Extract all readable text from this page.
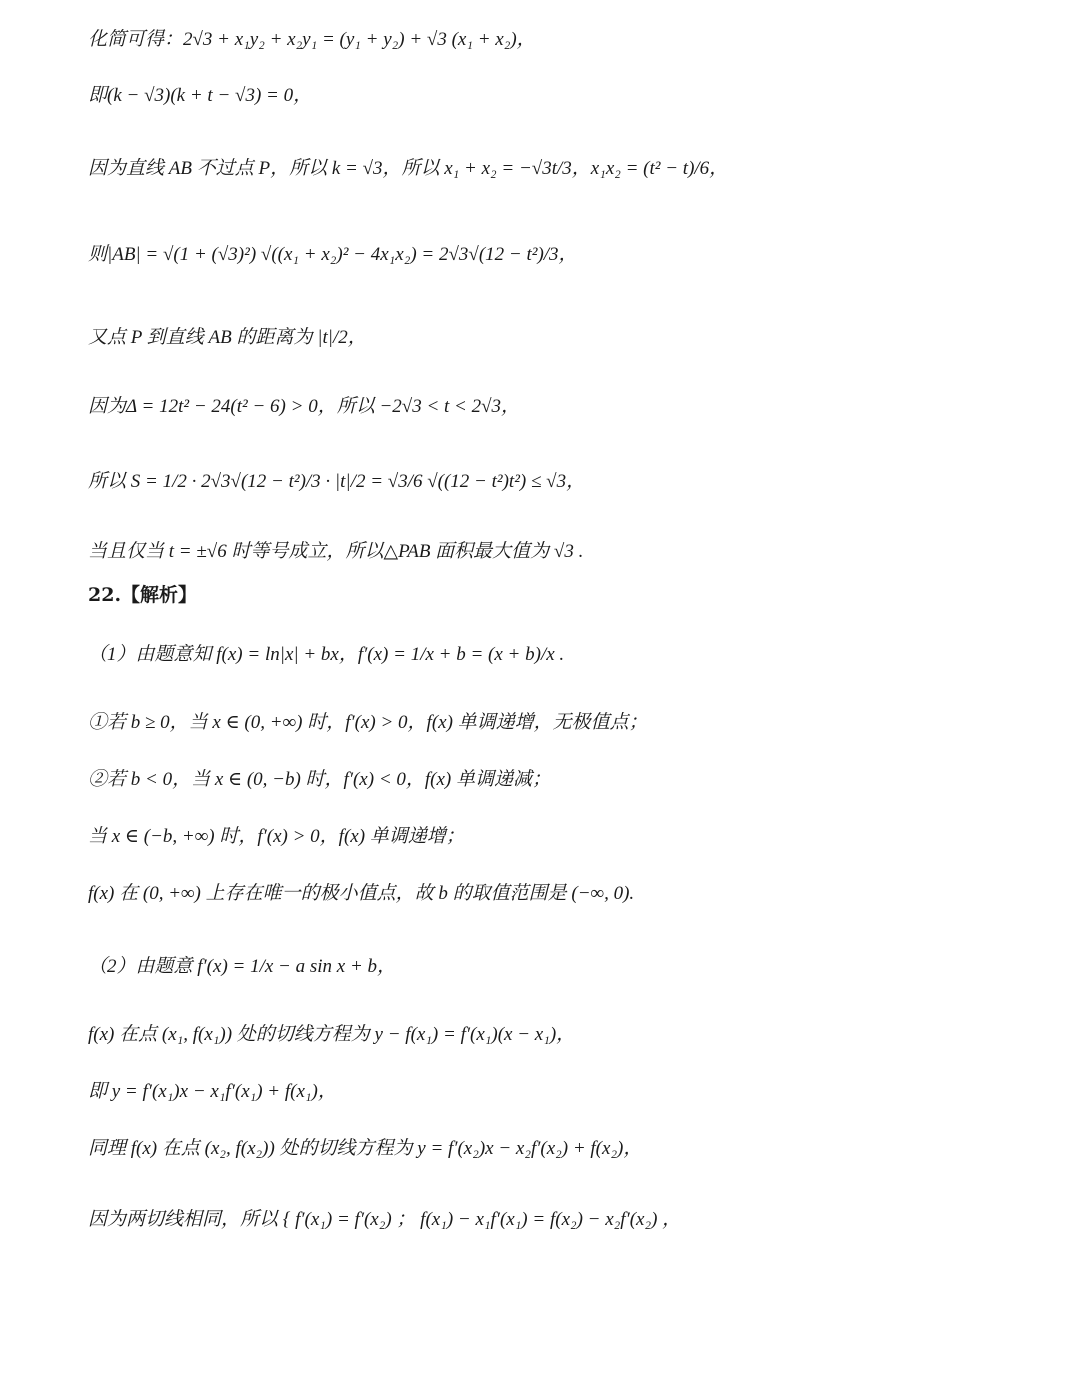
化简可得：2√3 + x₁y₂ + x₂y₁ = (y₁ + y₂) + √3 (x₁ + x₂)，
即(k − √3)(k + t − √3) = 0，
因为直线 AB 不过点 P，所以 k = √3，所以 x₁ + x₂ = −√3t/3，x₁x₂ = (t² − t)/6，
则|AB| = √(1 + (√3)²) √((x₁ + x₂)² − 4x₁x₂) = 2√3√(12 − t²)/3，
又点 P 到直线 AB 的距离为 |t|/2，
因为Δ = 12t² − 24(t² − 6) > 0，所以 −2√3 < t < 2√3，
所以 S = 1/2 · 2√3√(12 − t²)/3 · |t|/2 = √3/6 √((12 − t²)t²) ≤ √3，
当且仅当 t = ±√6 时等号成立，所以△PAB 面积最大值为 √3 .
22.【解析】
（1）由题意知 f(x) = ln|x| + bx，f′(x) = 1/x + b = (x + b)/x .
①若 b ≥ 0，当 x ∈ (0, +∞) 时，f′(x) > 0，f(x) 单调递增，无极值点；
②若 b < 0，当 x ∈ (0, −b) 时，f′(x) < 0，f(x) 单调递减；
当 x ∈ (−b, +∞) 时，f′(x) > 0，f(x) 单调递增；
f(x) 在 (0, +∞) 上存在唯一的极小值点，故 b 的取值范围是 (−∞, 0).
（2）由题意 f′(x) = 1/x − a sin x + b，
f(x) 在点 (x₁, f(x₁)) 处的切线方程为 y − f(x₁) = f′(x₁)(x − x₁)，
即 y = f′(x₁)x − x₁f′(x₁) + f(x₁)，
同理 f(x) 在点 (x₂, f(x₂)) 处的切线方程为 y = f′(x₂)x − x₂f′(x₂) + f(x₂)，
因为两切线相同，所以 { f′(x₁) = f′(x₂) ； f(x₁) − x₁f′(x₁) = f(x₂) − x₂f′(x₂) ，
